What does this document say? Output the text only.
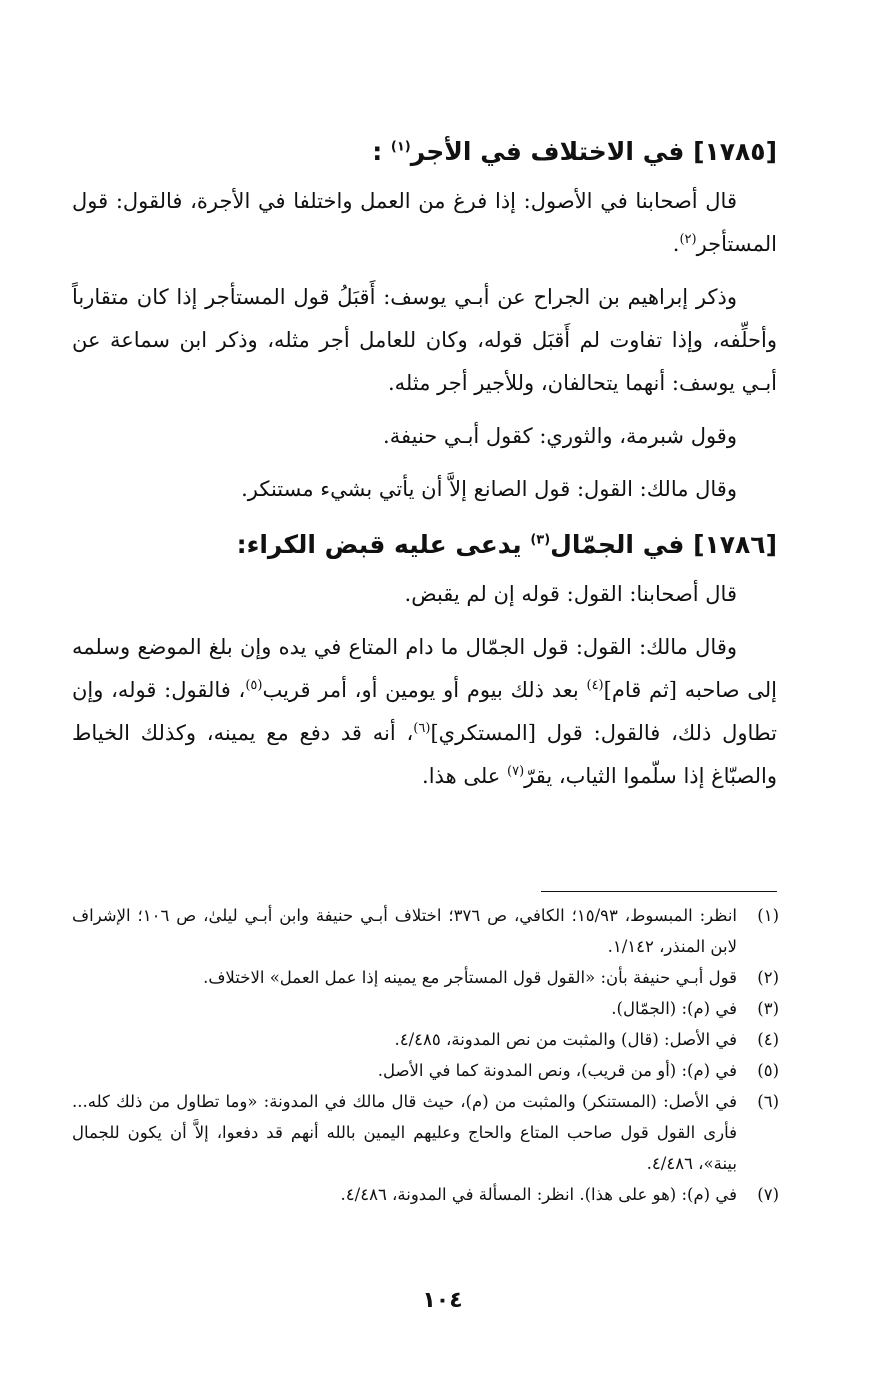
[١٧٨٥] في الاختلاف في الأجر$^{(١)}$ :

قال أصحابنا في الأصول: إذا فرغ من العمل واختلفا في الأجرة، فالقول: قول المستأجر$^{(٢)}$.

وذكر إبراهيم بن الجراح عن أبـي يوسف: أَقبَلُ قول المستأجر إذا كان متقارباً وأحلِّفه، وإذا تفاوت لم أَقبَل قوله، وكان للعامل أجر مثله، وذكر ابن سماعة عن أبـي يوسف: أنهما يتحالفان، وللأجير أجر مثله.

وقول شبرمة، والثوري: كقول أبـي حنيفة.

وقال مالك: القول: قول الصانع إلاَّ أن يأتي بشيء مستنكر.

[١٧٨٦] في الجمّال$^{(٣)}$ يدعى عليه قبض الكراء:

قال أصحابنا: القول: قوله إن لم يقبض.

وقال مالك: القول: قول الجمّال ما دام المتاع في يده وإن بلغ الموضع وسلمه إلى صاحبه [ثم قام]$^{(٤)}$ بعد ذلك بيوم أو يومين أو، أمر قريب$^{(٥)}$، فالقول: قوله، وإن تطاول ذلك، فالقول: قول [المستكري]$^{(٦)}$، أنه قد دفع مع يمينه، وكذلك الخياط والصبّاغ إذا سلّموا الثياب، يقرّ$^{(٧)}$ على هذا.

(١)
انظر: المبسوط، ١٥/٩٣؛ الكافي، ص ٣٧٦؛ اختلاف أبـي حنيفة وابن أبـي ليلىٰ، ص ١٠٦؛ الإشراف لابن المنذر، ١/١٤٢.
(٢)
قول أبـي حنيفة بأن: «القول قول المستأجر مع يمينه إذا عمل العمل» الاختلاف.
(٣)
في (م): (الجمّال).
(٤)
في الأصل: (قال) والمثبت من نص المدونة، ٤/٤٨٥.
(٥)
في (م): (أو من قريب)، ونص المدونة كما في الأصل.
(٦)
في الأصل: (المستنكر) والمثبت من (م)، حيث قال مالك في المدونة: «وما تطاول من ذلك كله... فأرى القول قول صاحب المتاع والحاج وعليهم اليمين بالله أنهم قد دفعوا، إلاَّ أن يكون للجمال بينة»، ٤/٤٨٦.
(٧)
في (م): (هو على هذا). انظر: المسألة في المدونة، ٤/٤٨٦.
١٠٤
